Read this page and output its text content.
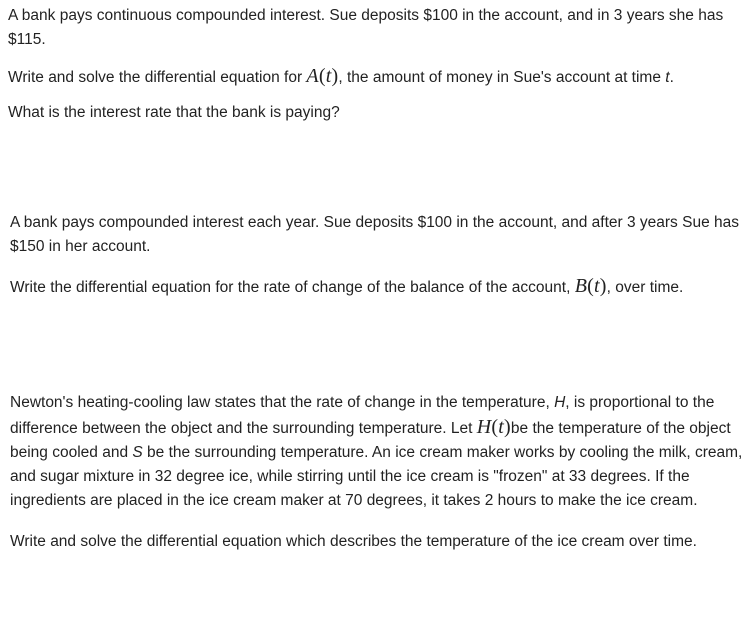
A bank pays continuous compounded interest. Sue deposits $100 in the account, and in 3 years she has $115.

Write and solve the differential equation for A(t), the amount of money in Sue's account at time t.

What is the interest rate that the bank is paying?

A bank pays compounded interest each year. Sue deposits $100 in the account, and after 3 years Sue has $150 in her account.

Write the differential equation for the rate of change of the balance of the account, B(t), over time.

Newton's heating-cooling law states that the rate of change in the temperature, H, is proportional to the difference between the object and the surrounding temperature. Let H(t)be the temperature of the object being cooled and S be the surrounding temperature. An ice cream maker works by cooling the milk, cream, and sugar mixture in 32 degree ice, while stirring until the ice cream is "frozen" at 33 degrees. If the ingredients are placed in the ice cream maker at 70 degrees, it takes 2 hours to make the ice cream.

Write and solve the differential equation which describes the temperature of the ice cream over time.
